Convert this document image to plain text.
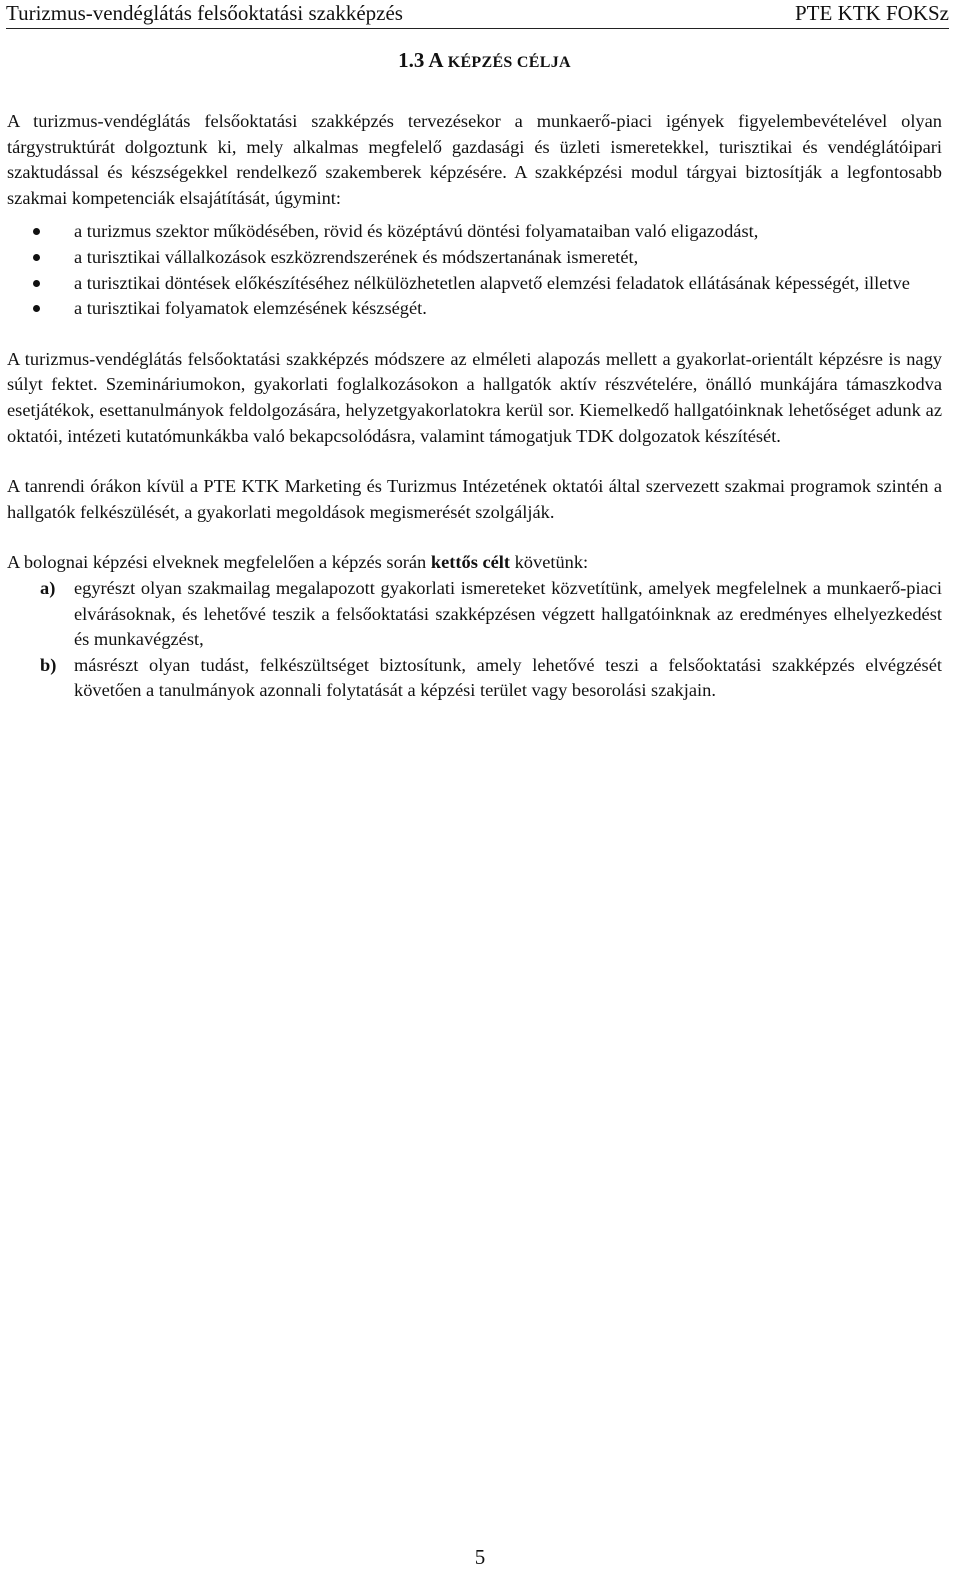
Turizmus-vendéglátás felsőoktatási szakképzés	PTE KTK FOKSz
1.3 A KÉPZÉS CÉLJA

A turizmus-vendéglátás felsőoktatási szakképzés tervezésekor a munkaerő-piaci igények figyelembevételével olyan tárgystruktúrát dolgoztunk ki, mely alkalmas megfelelő gazdasági és üzleti ismeretekkel, turisztikai és vendéglátóipari szaktudással és készségekkel rendelkező szakemberek képzésére. A szakképzési modul tárgyai biztosítják a legfontosabb szakmai kompetenciák elsajátítását, úgymint:

a turizmus szektor működésében, rövid és középtávú döntési folyamataiban való eligazodást,
a turisztikai vállalkozások eszközrendszerének és módszertanának ismeretét,
a turisztikai döntések előkészítéséhez nélkülözhetetlen alapvető elemzési feladatok ellátásának képességét, illetve
a turisztikai folyamatok elemzésének készségét.

A turizmus-vendéglátás felsőoktatási szakképzés módszere az elméleti alapozás mellett a gyakorlat-orientált képzésre is nagy súlyt fektet. Szemináriumokon, gyakorlati foglalkozásokon a hallgatók aktív részvételére, önálló munkájára támaszkodva esetjátékok, esettanulmányok feldolgozására, helyzetgyakorlatokra kerül sor. Kiemelkedő hallgatóinknak lehetőséget adunk az oktatói, intézeti kutatómunkákba való bekapcsolódásra, valamint támogatjuk TDK dolgozatok készítését.

A tanrendi órákon kívül a PTE KTK Marketing és Turizmus Intézetének oktatói által szervezett szakmai programok szintén a hallgatók felkészülését, a gyakorlati megoldások megismerését szolgálják.

A bolognai képzési elveknek megfelelően a képzés során kettős célt követünk:

a) egyrészt olyan szakmailag megalapozott gyakorlati ismereteket közvetítünk, amelyek megfelelnek a munkaerő-piaci elvárásoknak, és lehetővé teszik a felsőoktatási szakképzésen végzett hallgatóinknak az eredményes elhelyezkedést és munkavégzést,
b) másrészt olyan tudást, felkészültséget biztosítunk, amely lehetővé teszi a felsőoktatási szakképzés elvégzését követően a tanulmányok azonnali folytatását a képzési terület vagy besorolási szakjain.
5
